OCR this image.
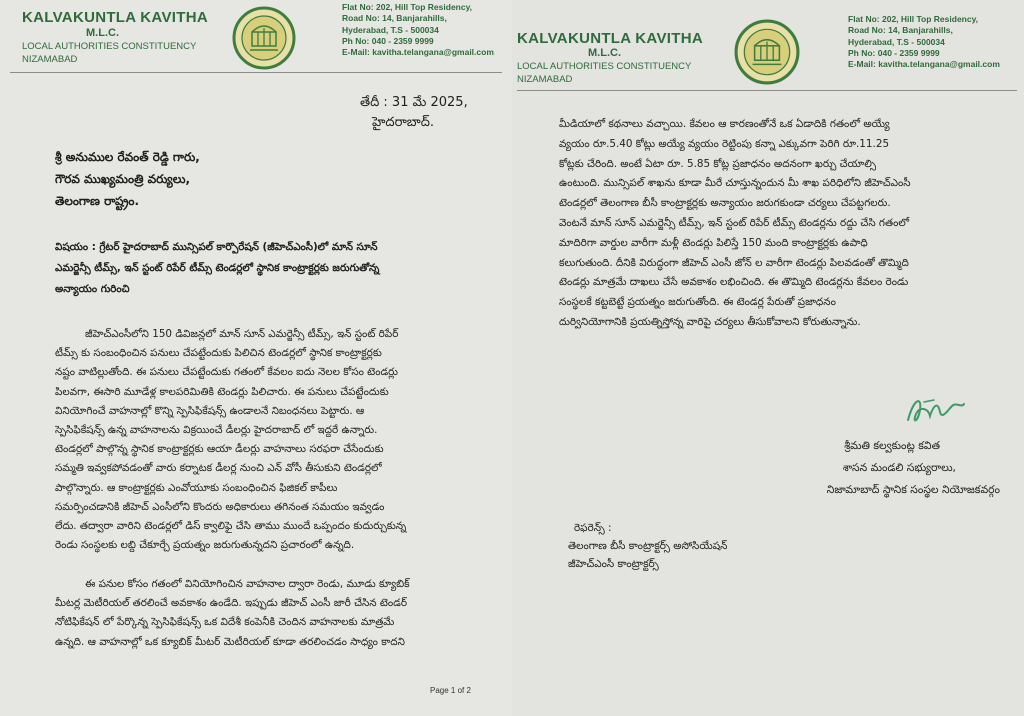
KALVAKUNTLA KAVITHA
M.L.C.
LOCAL AUTHORITIES CONSTITUENCY
NIZAMABAD
Flat No: 202, Hill Top Residency,
Road No: 14, Banjarahills,
Hyderabad, T.S - 500034
Ph No: 040 - 2359 9999
E-Mail: kavitha.telangana@gmail.com
తేదీ : 31 మే 2025,
హైదరాబాద్.
శ్రీ అనుముల రేవంత్ రెడ్డి గారు,
గౌరవ ముఖ్యమంత్రి వర్యులు,
తెలంగాణ రాష్ట్రం.
విషయం : గ్రేటర్ హైదరాబాద్ మున్సిపల్ కార్పొరేషన్ (జీహెచ్ఎంసీ)లో మాన్ సూన్
ఎమర్జెన్సీ టీమ్స్, ఇన్ స్టంట్ రిపేర్ టీమ్స్ టెండర్లలో స్థానిక కాంట్రాక్టర్లకు జరుగుతోన్న
అన్యాయం గురించి
జీహెచ్ఎంసీలోని 150 డివిజన్లలో మాన్ సూన్ ఎమర్జెన్సీ టీమ్స్, ఇన్ స్టంట్ రిపేర్
టీమ్స్ కు సంబంధించిన పనులు చేపట్టేందుకు పిలిచిన టెండర్లలో స్థానిక కాంట్రాక్టర్లకు
నష్టం వాటిల్లుతోంది. ఈ పనులు చేపట్టేందుకు గతంలో కేవలం ఐదు నెలల కోసం టెండర్లు
పిలవగా, ఈసారి మూడేళ్ల కాలపరిమితికి టెండర్లు పిలిచారు. ఈ పనులు చేపట్టేందుకు
వినియోగించే వాహనాల్లో కొన్ని స్పెసిఫికేషన్స్ ఉండాలనే నిబంధనలు పెట్టారు. ఆ
స్పెసిఫికేషన్స్ ఉన్న వాహనాలను విక్రయించే డీలర్లు హైదరాబాద్ లో ఇద్దరే ఉన్నారు.
టెండర్లలో పాల్గొన్న స్థానిక కాంట్రాక్టర్లకు ఆయా డీలర్లు వాహనాలు సరఫరా చేసేందుకు
సమ్మతి ఇవ్వకపోవడంతో వారు కర్నాటక డీలర్ల నుంచి ఎన్ వోసీ తీసుకుని టెండర్లలో
పాల్గొన్నారు. ఆ కాంట్రాక్టర్లకు ఎంవోయూకు సంబంధించిన ఫిజికల్ కాపీలు
సమర్పించడానికి జీహెచ్ ఎంసీలోని కొందరు అధికారులు తగినంత సమయం ఇవ్వడం
లేదు. తద్వారా వారిని టెండర్లలో డిస్ క్వాలిఫై చేసి తాము ముందే ఒప్పందం కుదుర్చుకున్న
రెండు సంస్థలకు లబ్ది చేకూర్చే ప్రయత్నం జరుగుతున్నదని ప్రచారంలో ఉన్నది.
ఈ పనుల కోసం గతంలో వినియోగించిన వాహనాల ద్వారా రెండు, మూడు క్యూబిక్
మీటర్ల మెటీరియల్ తరలించే అవకాశం ఉండేది. ఇప్పుడు జీహెచ్ ఎంసీ జారీ చేసిన టెండర్
నోటిఫికేషన్ లో పేర్కొన్న స్పెసిఫికేషన్స్ ఒక విదేశీ కంపెనీకి చెందిన వాహనాలకు మాత్రమే
ఉన్నది. ఆ వాహనాల్లో ఒక క్యూబిక్ మీటర్ మెటీరియల్ కూడా తరలించడం సాధ్యం కాదని
Page 1 of 2
KALVAKUNTLA KAVITHA
M.L.C.
LOCAL AUTHORITIES CONSTITUENCY
NIZAMABAD
Flat No: 202, Hill Top Residency,
Road No: 14, Banjarahills,
Hyderabad, T.S - 500034
Ph No: 040 - 2359 9999
E-Mail: kavitha.telangana@gmail.com
మీడియాలో కథనాలు వచ్చాయి. కేవలం ఆ కారణంతోనే ఒక ఏడాదికి గతంలో అయ్యే
వ్యయం రూ.5.40 కోట్లు అయ్యే వ్యయం రెట్టింపు కన్నా ఎక్కువగా పెరిగి రూ.11.25
కోట్లకు చేరింది. అంటే ఏటా రూ. 5.85 కోట్ల ప్రజాధనం అదనంగా ఖర్చు చేయాల్సి
ఉంటుంది. మున్సిపల్ శాఖను కూడా మీరే చూస్తున్నందున మీ శాఖ పరిధిలోని జీహెచ్ఎంసీ
టెండర్లలో తెలంగాణ బీసీ కాంట్రాక్టర్లకు అన్యాయం జరుగకుండా చర్యలు చేపట్టగలరు.
వెంటనే మాన్ సూన్ ఎమర్జెన్సీ టీమ్స్, ఇన్ స్టంట్ రిపేర్ టీమ్స్ టెండర్లను రద్దు చేసి గతంలో
మాదిరిగా వార్డుల వారీగా మళ్లీ టెండర్లు పిలిస్తే 150 మంది కాంట్రాక్టర్లకు ఉపాధి
కలుగుతుంది. దీనికి విరుద్ధంగా జీహెచ్ ఎంసీ జోన్ ల వారీగా టెండర్లు పిలవడంతో తొమ్మిది
టెండర్లు మాత్రమే దాఖలు చేసే అవకాశం లభించింది. ఈ తొమ్మిది టెండర్లను కేవలం రెండు
సంస్థలకే కట్టబెట్టే ప్రయత్నం జరుగుతోంది. ఈ టెండర్ల పేరుతో ప్రజాధనం
దుర్వినియోగానికి ప్రయత్నిస్తోన్న వారిపై చర్యలు తీసుకోవాలని కోరుతున్నాను.
శ్రీమతి కల్వకుంట్ల కవిత
శాసన మండలి సభ్యురాలు,
నిజామాబాద్ స్థానిక సంస్థల నియోజకవర్గం
రెఫరెన్స్ :
తెలంగాణ బీసీ కాంట్రాక్టర్స్ అసోసియేషన్
జీహెచ్ఎంసీ కాంట్రాక్టర్స్
